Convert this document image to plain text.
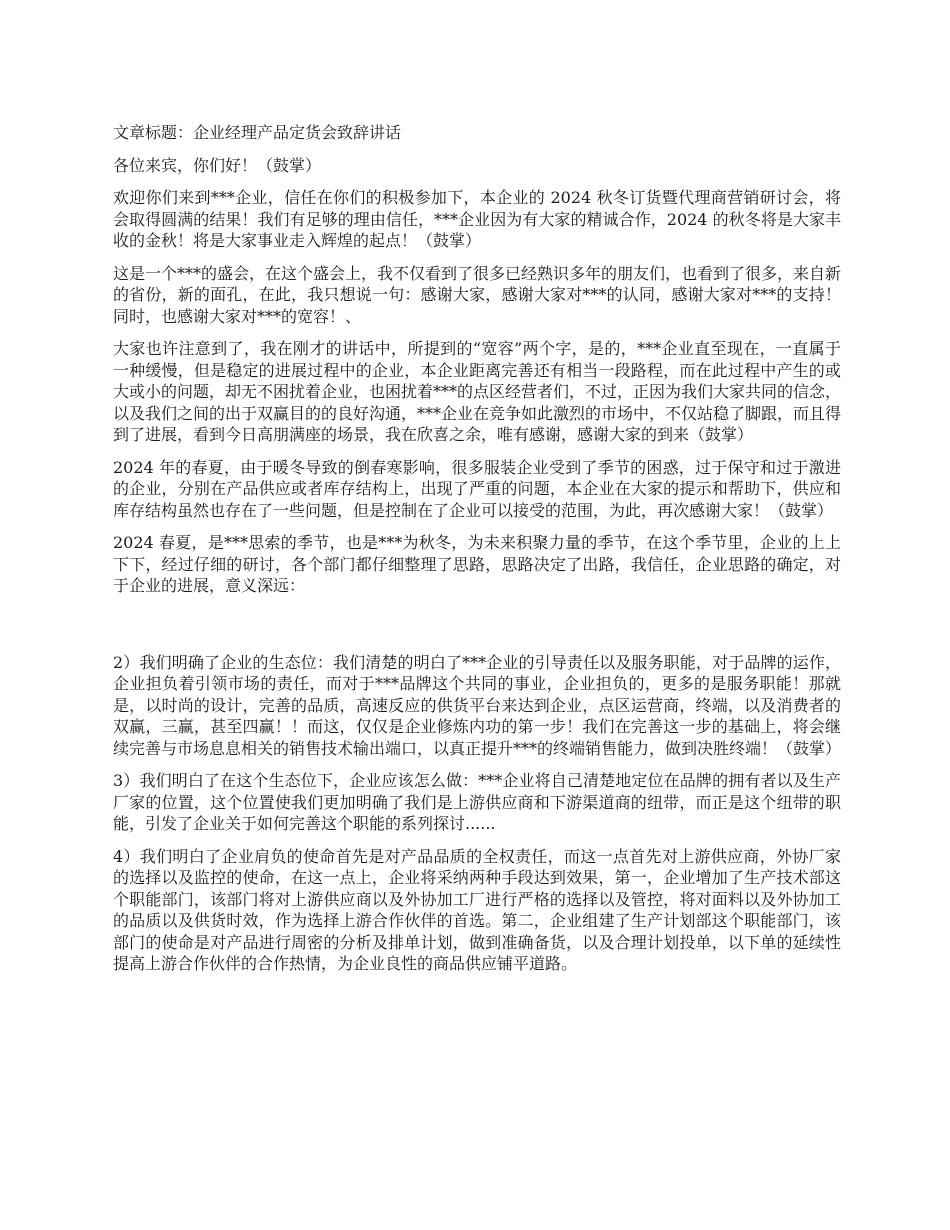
文章标题：企业经理产品定货会致辞讲话

各位来宾，你们好！（鼓掌）

欢迎你们来到***企业，信任在你们的积极参加下，本企业的 2024 秋冬订货暨代理商营销研讨会，将会取得圆满的结果！我们有足够的理由信任，***企业因为有大家的精诚合作，2024 的秋冬将是大家丰收的金秋！将是大家事业走入辉煌的起点！（鼓掌）

这是一个***的盛会，在这个盛会上，我不仅看到了很多已经熟识多年的朋友们，也看到了很多，来自新的省份，新的面孔，在此，我只想说一句：感谢大家，感谢大家对***的认同，感谢大家对***的支持！同时，也感谢大家对***的宽容！、

大家也许注意到了，我在刚才的讲话中，所提到的“宽容”两个字，是的，***企业直至现在，一直属于一种缓慢，但是稳定的进展过程中的企业，本企业距离完善还有相当一段路程，而在此过程中产生的或大或小的问题，却无不困扰着企业，也困扰着***的点区经营者们，不过，正因为我们大家共同的信念，以及我们之间的出于双赢目的的良好沟通，***企业在竞争如此激烈的市场中，不仅站稳了脚跟，而且得到了进展，看到今日高朋满座的场景，我在欣喜之余，唯有感谢，感谢大家的到来（鼓掌）

2024 年的春夏，由于暖冬导致的倒春寒影响，很多服装企业受到了季节的困惑，过于保守和过于激进的企业，分别在产品供应或者库存结构上，出现了严重的问题，本企业在大家的提示和帮助下，供应和库存结构虽然也存在了一些问题，但是控制在了企业可以接受的范围，为此，再次感谢大家！（鼓掌）

2024 春夏，是***思索的季节，也是***为秋冬，为未来积聚力量的季节，在这个季节里，企业的上上下下，经过仔细的研讨，各个部门都仔细整理了思路，思路决定了出路，我信任，企业思路的确定，对于企业的进展，意义深远：

2）我们明确了企业的生态位：我们清楚的明白了***企业的引导责任以及服务职能，对于品牌的运作，企业担负着引领市场的责任，而对于***品牌这个共同的事业，企业担负的，更多的是服务职能！那就是，以时尚的设计，完善的品质，高速反应的供货平台来达到企业，点区运营商，终端，以及消费者的双赢，三赢，甚至四赢！！而这，仅仅是企业修炼内功的第一步！我们在完善这一步的基础上，将会继续完善与市场息息相关的销售技术输出端口，以真正提升***的终端销售能力，做到决胜终端！（鼓掌）

3）我们明白了在这个生态位下，企业应该怎么做：***企业将自己清楚地定位在品牌的拥有者以及生产厂家的位置，这个位置使我们更加明确了我们是上游供应商和下游渠道商的纽带，而正是这个纽带的职能，引发了企业关于如何完善这个职能的系列探讨......

4）我们明白了企业肩负的使命首先是对产品品质的全权责任，而这一点首先对上游供应商，外协厂家的选择以及监控的使命，在这一点上，企业将采纳两种手段达到效果，第一，企业增加了生产技术部这个职能部门，该部门将对上游供应商以及外协加工厂进行严格的选择以及管控，将对面料以及外协加工的品质以及供货时效，作为选择上游合作伙伴的首选。第二，企业组建了生产计划部这个职能部门，该部门的使命是对产品进行周密的分析及排单计划，做到准确备货，以及合理计划投单，以下单的延续性提高上游合作伙伴的合作热情，为企业良性的商品供应铺平道路。
